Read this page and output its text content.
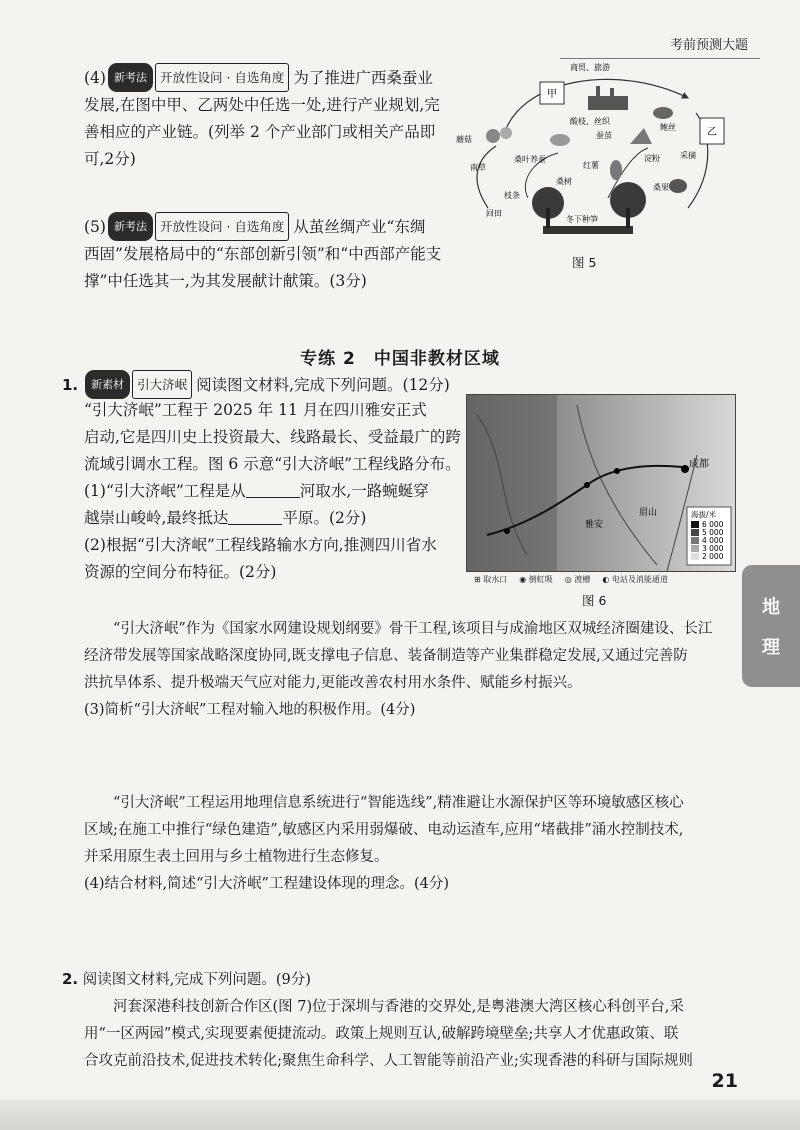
考前预测大题
(4) 新考法 开放性设问 · 自选角度 为了推进广西桑蚕业
发展,在图中甲、乙两处中任选一处,进行产业规划,完
善相应的产业链。(列举 2 个产业部门或相关产品即
可,2分)
(5) 新考法 开放性设问 · 自选角度 从茧丝绸产业“东绸
西固”发展格局中的“东部创新引领”和“中西部产能支
撑”中任选其一,为其发展献计献策。(3分)
商贸、旅游
甲
乙
酸枝、丝织
蚕茧
鲍丝
蘑菇
南草
桑叶养蚕
红薯
淀粉
桑树
采摘
桑果
枝条
回田
冬下种笋
图 5
专练 2　中国非教材区域
1. 新素材 引大济岷 阅读图文材料,完成下列问题。(12分)
“引大济岷”工程于 2025 年 11 月在四川雅安正式
启动,它是四川史上投资最大、线路最长、受益最广的跨
流域引调水工程。图 6 示意“引大济岷”工程线路分布。
(1)“引大济岷”工程是从	河取水,一路蜿蜒穿
越崇山峻岭,最终抵达	平原。(2分)
(2)根据“引大济岷”工程线路输水方向,推测四川省水
资源的空间分布特征。(2分)
成都
眉山
雅安
海拔/米
6 000
5 000
4 000
3 000
2 000
⊞ 取水口 ◉ 倒虹吸 ◎ 渡槽 ◐ 电站及消能通道
图 6
“引大济岷”作为《国家水网建设规划纲要》骨干工程,该项目与成渝地区双城经济圈建设、长江
经济带发展等国家战略深度协同,既支撑电子信息、装备制造等产业集群稳定发展,又通过完善防
洪抗旱体系、提升极端天气应对能力,更能改善农村用水条件、赋能乡村振兴。
(3)简析“引大济岷”工程对输入地的积极作用。(4分)
“引大济岷”工程运用地理信息系统进行“智能选线”,精准避让水源保护区等环境敏感区核心
区域;在施工中推行“绿色建造”,敏感区内采用弱爆破、电动运渣车,应用“堵截排”涌水控制技术,
并采用原生表土回用与乡土植物进行生态修复。
(4)结合材料,简述“引大济岷”工程建设体现的理念。(4分)
2. 阅读图文材料,完成下列问题。(9分)
河套深港科技创新合作区(图 7)位于深圳与香港的交界处,是粤港澳大湾区核心科创平台,采
用“一区两园”模式,实现要素便捷流动。政策上规则互认,破解跨境壁垒;共享人才优惠政策、联
合攻克前沿技术,促进技术转化;聚焦生命科学、人工智能等前沿产业;实现香港的科研与国际规则
地
理
21
